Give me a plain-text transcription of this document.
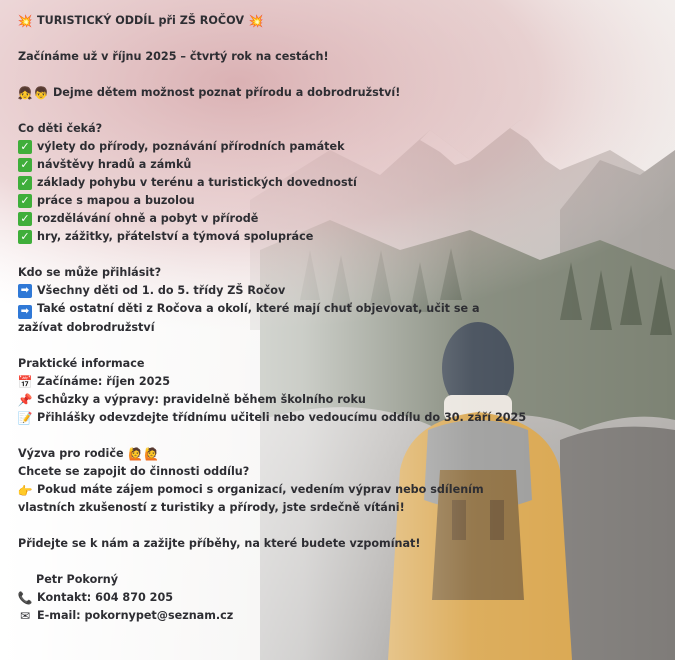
💥 TURISTICKÝ ODDÍL při ZŠ ROČOV 💥
Začínáme už v říjnu 2025 – čtvrtý rok na cestách!
👧 👦 Dejme dětem možnost poznat přírodu a dobrodružství!
Co děti čeká?
✓ výlety do přírody, poznávání přírodních památek
✓ návštěvy hradů a zámků
✓ základy pohybu v terénu a turistických dovedností
✓ práce s mapou a buzolou
✓ rozdělávání ohně a pobyt v přírodě
✓ hry, zážitky, přátelství a týmová spolupráce
Kdo se může přihlásit?
➡ Všechny děti od 1. do 5. třídy ZŠ Ročov
➡ Také ostatní děti z Ročova a okolí, které mají chuť objevovat, učit se a zažívat dobrodružství
Praktické informace
📅 Začínáme: říjen 2025
📌 Schůzky a výpravy: pravidelně během školního roku
📝 Přihlášky odevzdejte třídnímu učiteli nebo vedoucímu oddílu do 30. září 2025
Výzva pro rodiče 🙋 🙋
Chcete se zapojit do činnosti oddílu?
👉 Pokud máte zájem pomoci s organizací, vedením výprav nebo sdílením vlastních zkušeností z turistiky a přírody, jste srdečně vítáni!
Přidejte se k nám a zažijte příběhy, na které budete vzpomínat!
Petr Pokorný
📞 Kontakt: 604 870 205
✉ E-mail: pokornypet@seznam.cz
